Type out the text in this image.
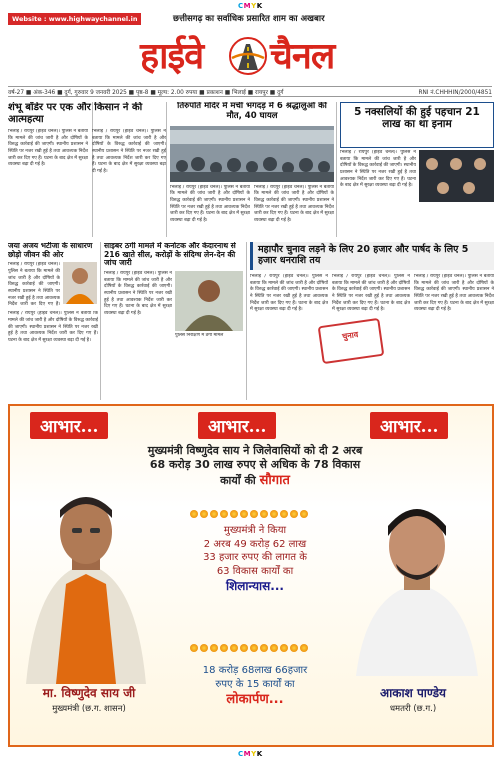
CMYK
CMYK
Website : www.highwaychannel.in	छत्तीसगढ़ का सर्वाधिक प्रसारित शाम का अखबार
हाईवे चैनल
वर्ष-27 ■ अंक-346 ■ दुर्ग, गुरुवार 9 जनवरी 2025 ■ पृष्ठ-8 ■ मूल्य: 2.00 रुपया ■ प्रकाशन ■ भिलाई ■ रायपुर ■ दुर्ग	RNI नं.CHHHIN/2000/4851
शंभू बॉर्डर पर एक और किसान ने की आत्महत्या
भिलाई / रायपुर (हाईवे चैनल)। पुलिस ने बताया कि मामले की जांच जारी है और दोषियों के विरुद्ध कार्रवाई की जाएगी। स्थानीय प्रशासन ने स्थिति पर नजर रखी हुई है तथा आवश्यक निर्देश जारी कर दिए गए हैं। घटना के बाद क्षेत्र में सुरक्षा व्यवस्था बढ़ा दी गई है।
भिलाई / रायपुर (हाईवे चैनल)। पुलिस ने बताया कि मामले की जांच जारी है और दोषियों के विरुद्ध कार्रवाई की जाएगी। स्थानीय प्रशासन ने स्थिति पर नजर रखी हुई है तथा आवश्यक निर्देश जारी कर दिए गए हैं। घटना के बाद क्षेत्र में सुरक्षा व्यवस्था बढ़ा दी गई है।
तिरुपति मंदिर में मची भगदड़ में 6 श्रद्धालुओं की मौत, 40 घायल
भिलाई / रायपुर (हाईवे चैनल)। पुलिस ने बताया कि मामले की जांच जारी है और दोषियों के विरुद्ध कार्रवाई की जाएगी। स्थानीय प्रशासन ने स्थिति पर नजर रखी हुई है तथा आवश्यक निर्देश जारी कर दिए गए हैं। घटना के बाद क्षेत्र में सुरक्षा व्यवस्था बढ़ा दी गई है।
भिलाई / रायपुर (हाईवे चैनल)। पुलिस ने बताया कि मामले की जांच जारी है और दोषियों के विरुद्ध कार्रवाई की जाएगी। स्थानीय प्रशासन ने स्थिति पर नजर रखी हुई है तथा आवश्यक निर्देश जारी कर दिए गए हैं। घटना के बाद क्षेत्र में सुरक्षा व्यवस्था बढ़ा दी गई है।
5 नक्सलियों की हुई पहचान 21 लाख का था इनाम
भिलाई / रायपुर (हाईवे चैनल)। पुलिस ने बताया कि मामले की जांच जारी है और दोषियों के विरुद्ध कार्रवाई की जाएगी। स्थानीय प्रशासन ने स्थिति पर नजर रखी हुई है तथा आवश्यक निर्देश जारी कर दिए गए हैं। घटना के बाद क्षेत्र में सुरक्षा व्यवस्था बढ़ा दी गई है।
जया अजय भटीजा के साधारण छोड़ो जीवन की ओर
भिलाई / रायपुर (हाईवे चैनल)। पुलिस ने बताया कि मामले की जांच जारी है और दोषियों के विरुद्ध कार्रवाई की जाएगी। स्थानीय प्रशासन ने स्थिति पर नजर रखी हुई है तथा आवश्यक निर्देश जारी कर दिए गए हैं।
भिलाई / रायपुर (हाईवे चैनल)। पुलिस ने बताया कि मामले की जांच जारी है और दोषियों के विरुद्ध कार्रवाई की जाएगी। स्थानीय प्रशासन ने स्थिति पर नजर रखी हुई है तथा आवश्यक निर्देश जारी कर दिए गए हैं। घटना के बाद क्षेत्र में सुरक्षा व्यवस्था बढ़ा दी गई है।
साइबर ठगी मामले में कर्नाटक और केदारनाथ से 216 खाते सील, करोड़ों के संदिग्ध लेन-देन की जांच जारी
भिलाई / रायपुर (हाईवे चैनल)। पुलिस ने बताया कि मामले की जांच जारी है और दोषियों के विरुद्ध कार्रवाई की जाएगी। स्थानीय प्रशासन ने स्थिति पर नजर रखी हुई है तथा आवश्यक निर्देश जारी कर दिए गए हैं। घटना के बाद क्षेत्र में सुरक्षा व्यवस्था बढ़ा दी गई है।
पुलिस निरीक्षण में ठगी मामले
महापौर चुनाव लड़ने के लिए 20 हजार और पार्षद के लिए 5 हजार धनराशि तय
भिलाई / रायपुर (हाईवे चैनल)। पुलिस ने बताया कि मामले की जांच जारी है और दोषियों के विरुद्ध कार्रवाई की जाएगी। स्थानीय प्रशासन ने स्थिति पर नजर रखी हुई है तथा आवश्यक निर्देश जारी कर दिए गए हैं। घटना के बाद क्षेत्र में सुरक्षा व्यवस्था बढ़ा दी गई है।
भिलाई / रायपुर (हाईवे चैनल)। पुलिस ने बताया कि मामले की जांच जारी है और दोषियों के विरुद्ध कार्रवाई की जाएगी। स्थानीय प्रशासन ने स्थिति पर नजर रखी हुई है तथा आवश्यक निर्देश जारी कर दिए गए हैं। घटना के बाद क्षेत्र में सुरक्षा व्यवस्था बढ़ा दी गई है।
भिलाई / रायपुर (हाईवे चैनल)। पुलिस ने बताया कि मामले की जांच जारी है और दोषियों के विरुद्ध कार्रवाई की जाएगी। स्थानीय प्रशासन ने स्थिति पर नजर रखी हुई है तथा आवश्यक निर्देश जारी कर दिए गए हैं। घटना के बाद क्षेत्र में सुरक्षा व्यवस्था बढ़ा दी गई है।
चुनाव
आभार...	आभार...	आभार...
मुख्यमंत्री विष्णुदेव साय ने जिलेवासियों को दी 2 अरब
68 करोड़ 30 लाख रुपए से अधिक के 78 विकास
कार्यों की सौगात
मुख्यमंत्री ने किया
2 अरब 49 करोड़ 62 लाख
33 हजार रुपए की लागत के
63 विकास कार्यों का
शिलान्यास...
18 करोड़ 68लाख 66हजार
रुपए के 15 कार्यों का
लोकार्पण...
मा. विष्णुदेव साय जी
मुख्यमंत्री (छ.ग. शासन)
आकाश पाण्डेय
धमतरी (छ.ग.)
